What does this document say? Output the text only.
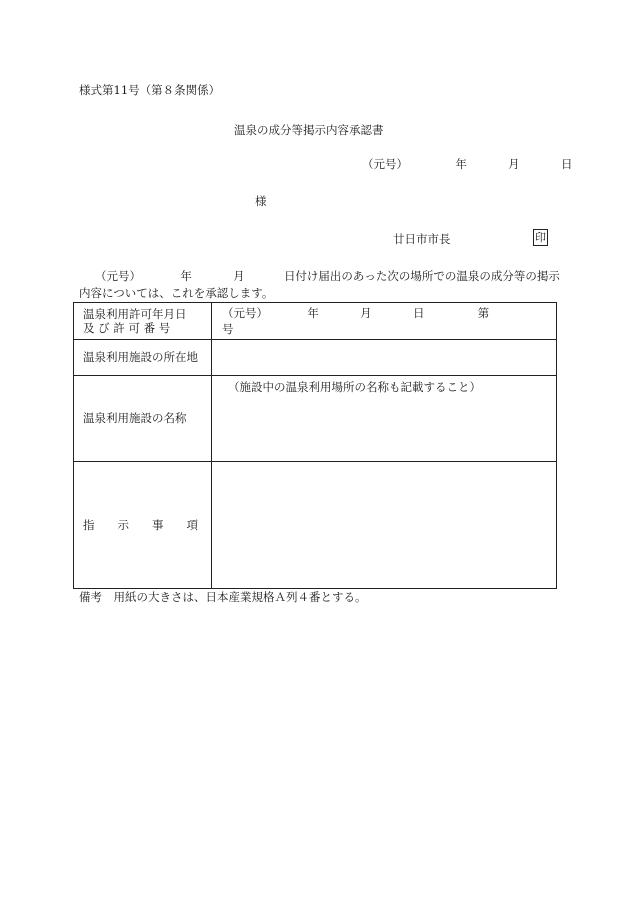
様式第11号（第８条関係）
温泉の成分等掲示内容承認書
（元号）	年	月	日
様
廿日市市長	印
（元号）	年	月	日付け届出のあった次の場所での温泉の成分等の掲示
内容については、これを承認します。
温泉利用許可年月日
及 び 許 可 番 号	（元号） 年 月 日 第  号
温泉利用施設の所在地	
温泉利用施設の名称	（施設中の温泉利用場所の名称も記載すること）
指　　示　　事　　項	
備考　用紙の大きさは、日本産業規格Ａ列４番とする。
